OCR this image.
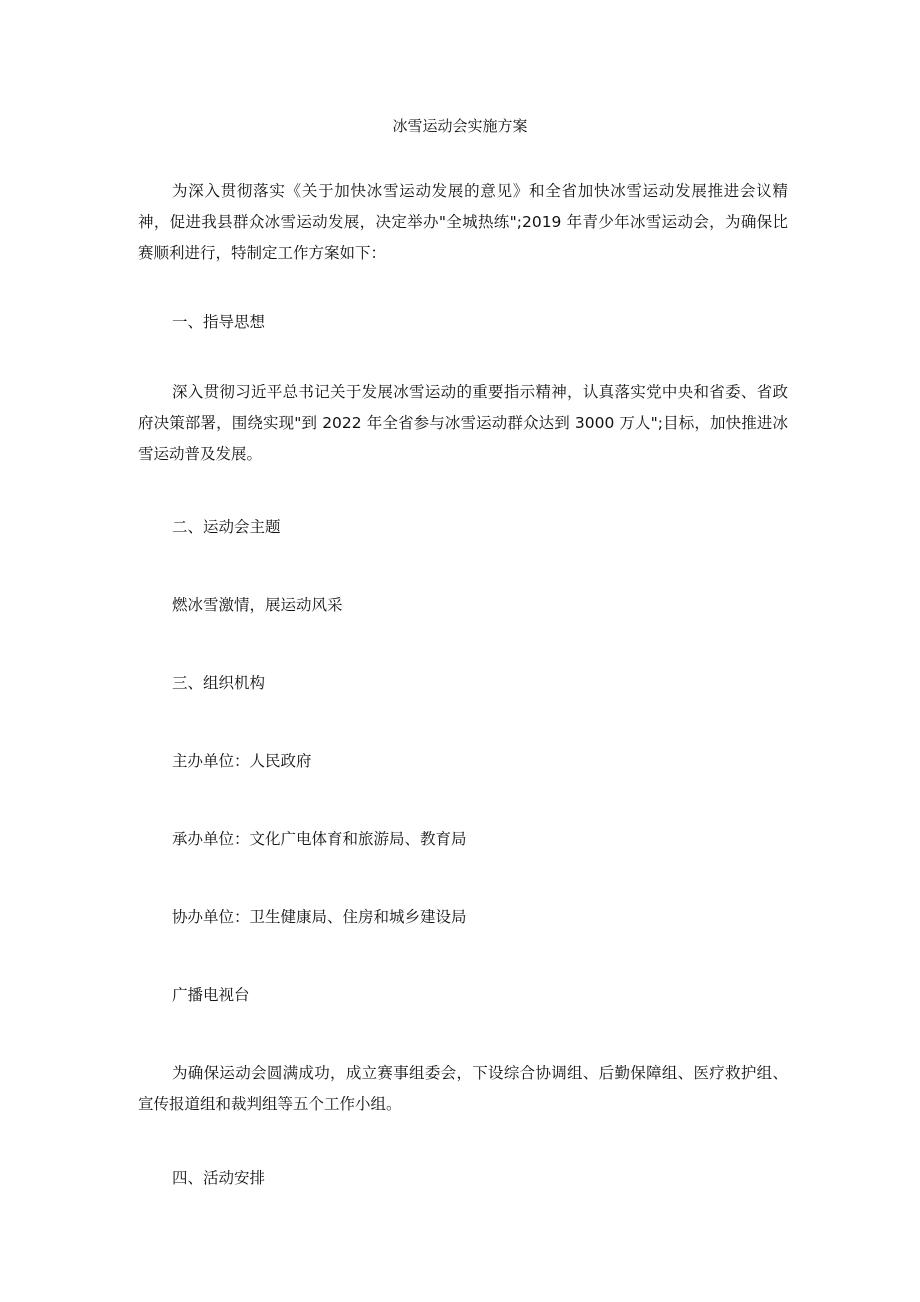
冰雪运动会实施方案

为深入贯彻落实《关于加快冰雪运动发展的意见》和全省加快冰雪运动发展推进会议精神，促进我县群众冰雪运动发展，决定举办"全城热练";2019 年青少年冰雪运动会，为确保比赛顺利进行，特制定工作方案如下：

一、指导思想

深入贯彻习近平总书记关于发展冰雪运动的重要指示精神，认真落实党中央和省委、省政府决策部署，围绕实现"到 2022 年全省参与冰雪运动群众达到 3000 万人";目标，加快推进冰雪运动普及发展。

二、运动会主题

燃冰雪激情，展运动风采

三、组织机构

主办单位：人民政府

承办单位：文化广电体育和旅游局、教育局

协办单位：卫生健康局、住房和城乡建设局

广播电视台

为确保运动会圆满成功，成立赛事组委会，下设综合协调组、后勤保障组、医疗救护组、宣传报道组和裁判组等五个工作小组。

四、活动安排
